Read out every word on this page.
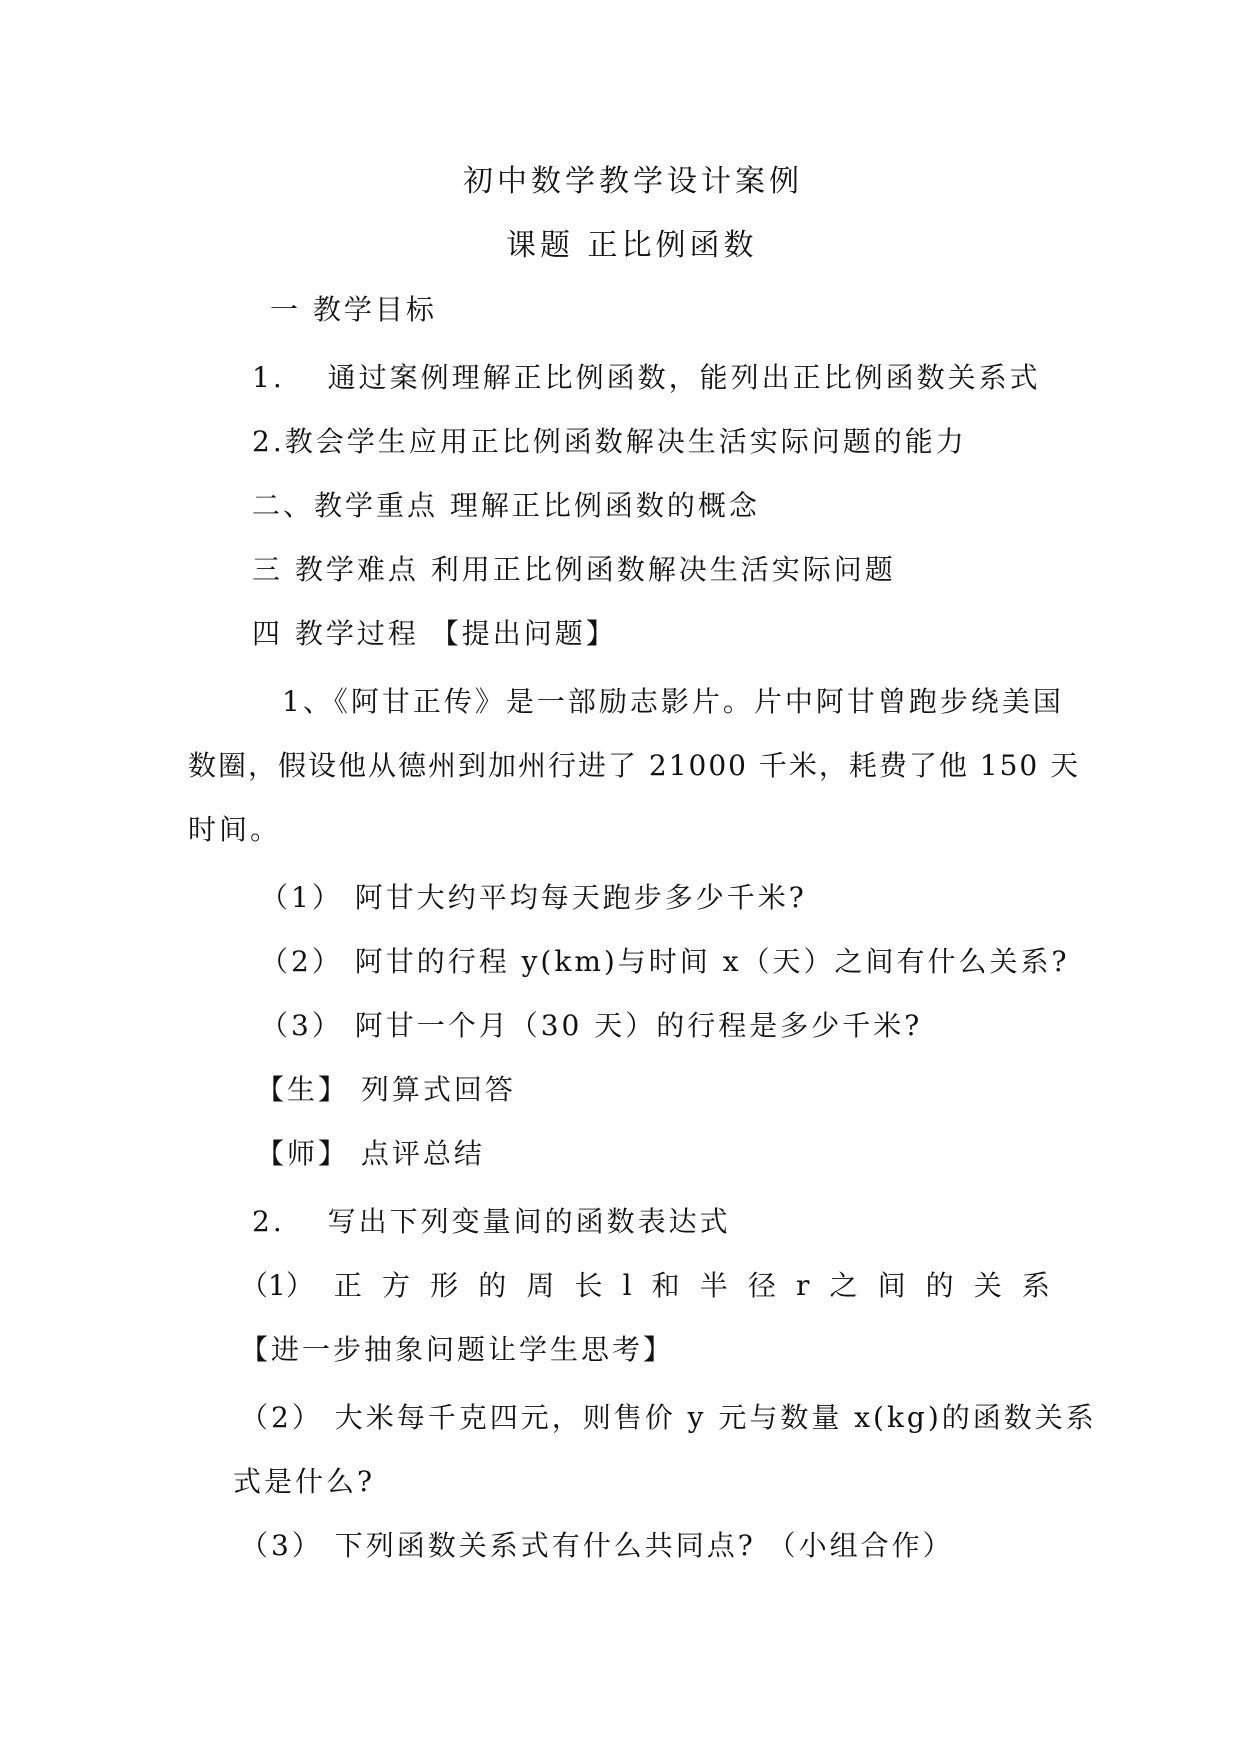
初中数学教学设计案例
课题 正比例函数
一 教学目标
1.　 通过案例理解正比例函数，能列出正比例函数关系式
2.教会学生应用正比例函数解决生活实际问题的能力
二、教学重点 理解正比例函数的概念
三 教学难点 利用正比例函数解决生活实际问题
四 教学过程 【提出问题】
1、《阿甘正传》是一部励志影片。片中阿甘曾跑步绕美国
数圈，假设他从德州到加州行进了 21000 千米，耗费了他 150 天
时间。
（1） 阿甘大约平均每天跑步多少千米?
（2） 阿甘的行程 y(km)与时间 x（天）之间有什么关系?
（3） 阿甘一个月（30 天）的行程是多少千米?
【生】 列算式回答
【师】 点评总结
2.　 写出下列变量间的函数表达式
（1） 正 方 形 的 周 长 l 和 半 径 r 之 间 的 关 系
【进一步抽象问题让学生思考】
（2） 大米每千克四元，则售价 y 元与数量 x(kg)的函数关系
式是什么?
（3） 下列函数关系式有什么共同点? （小组合作）
